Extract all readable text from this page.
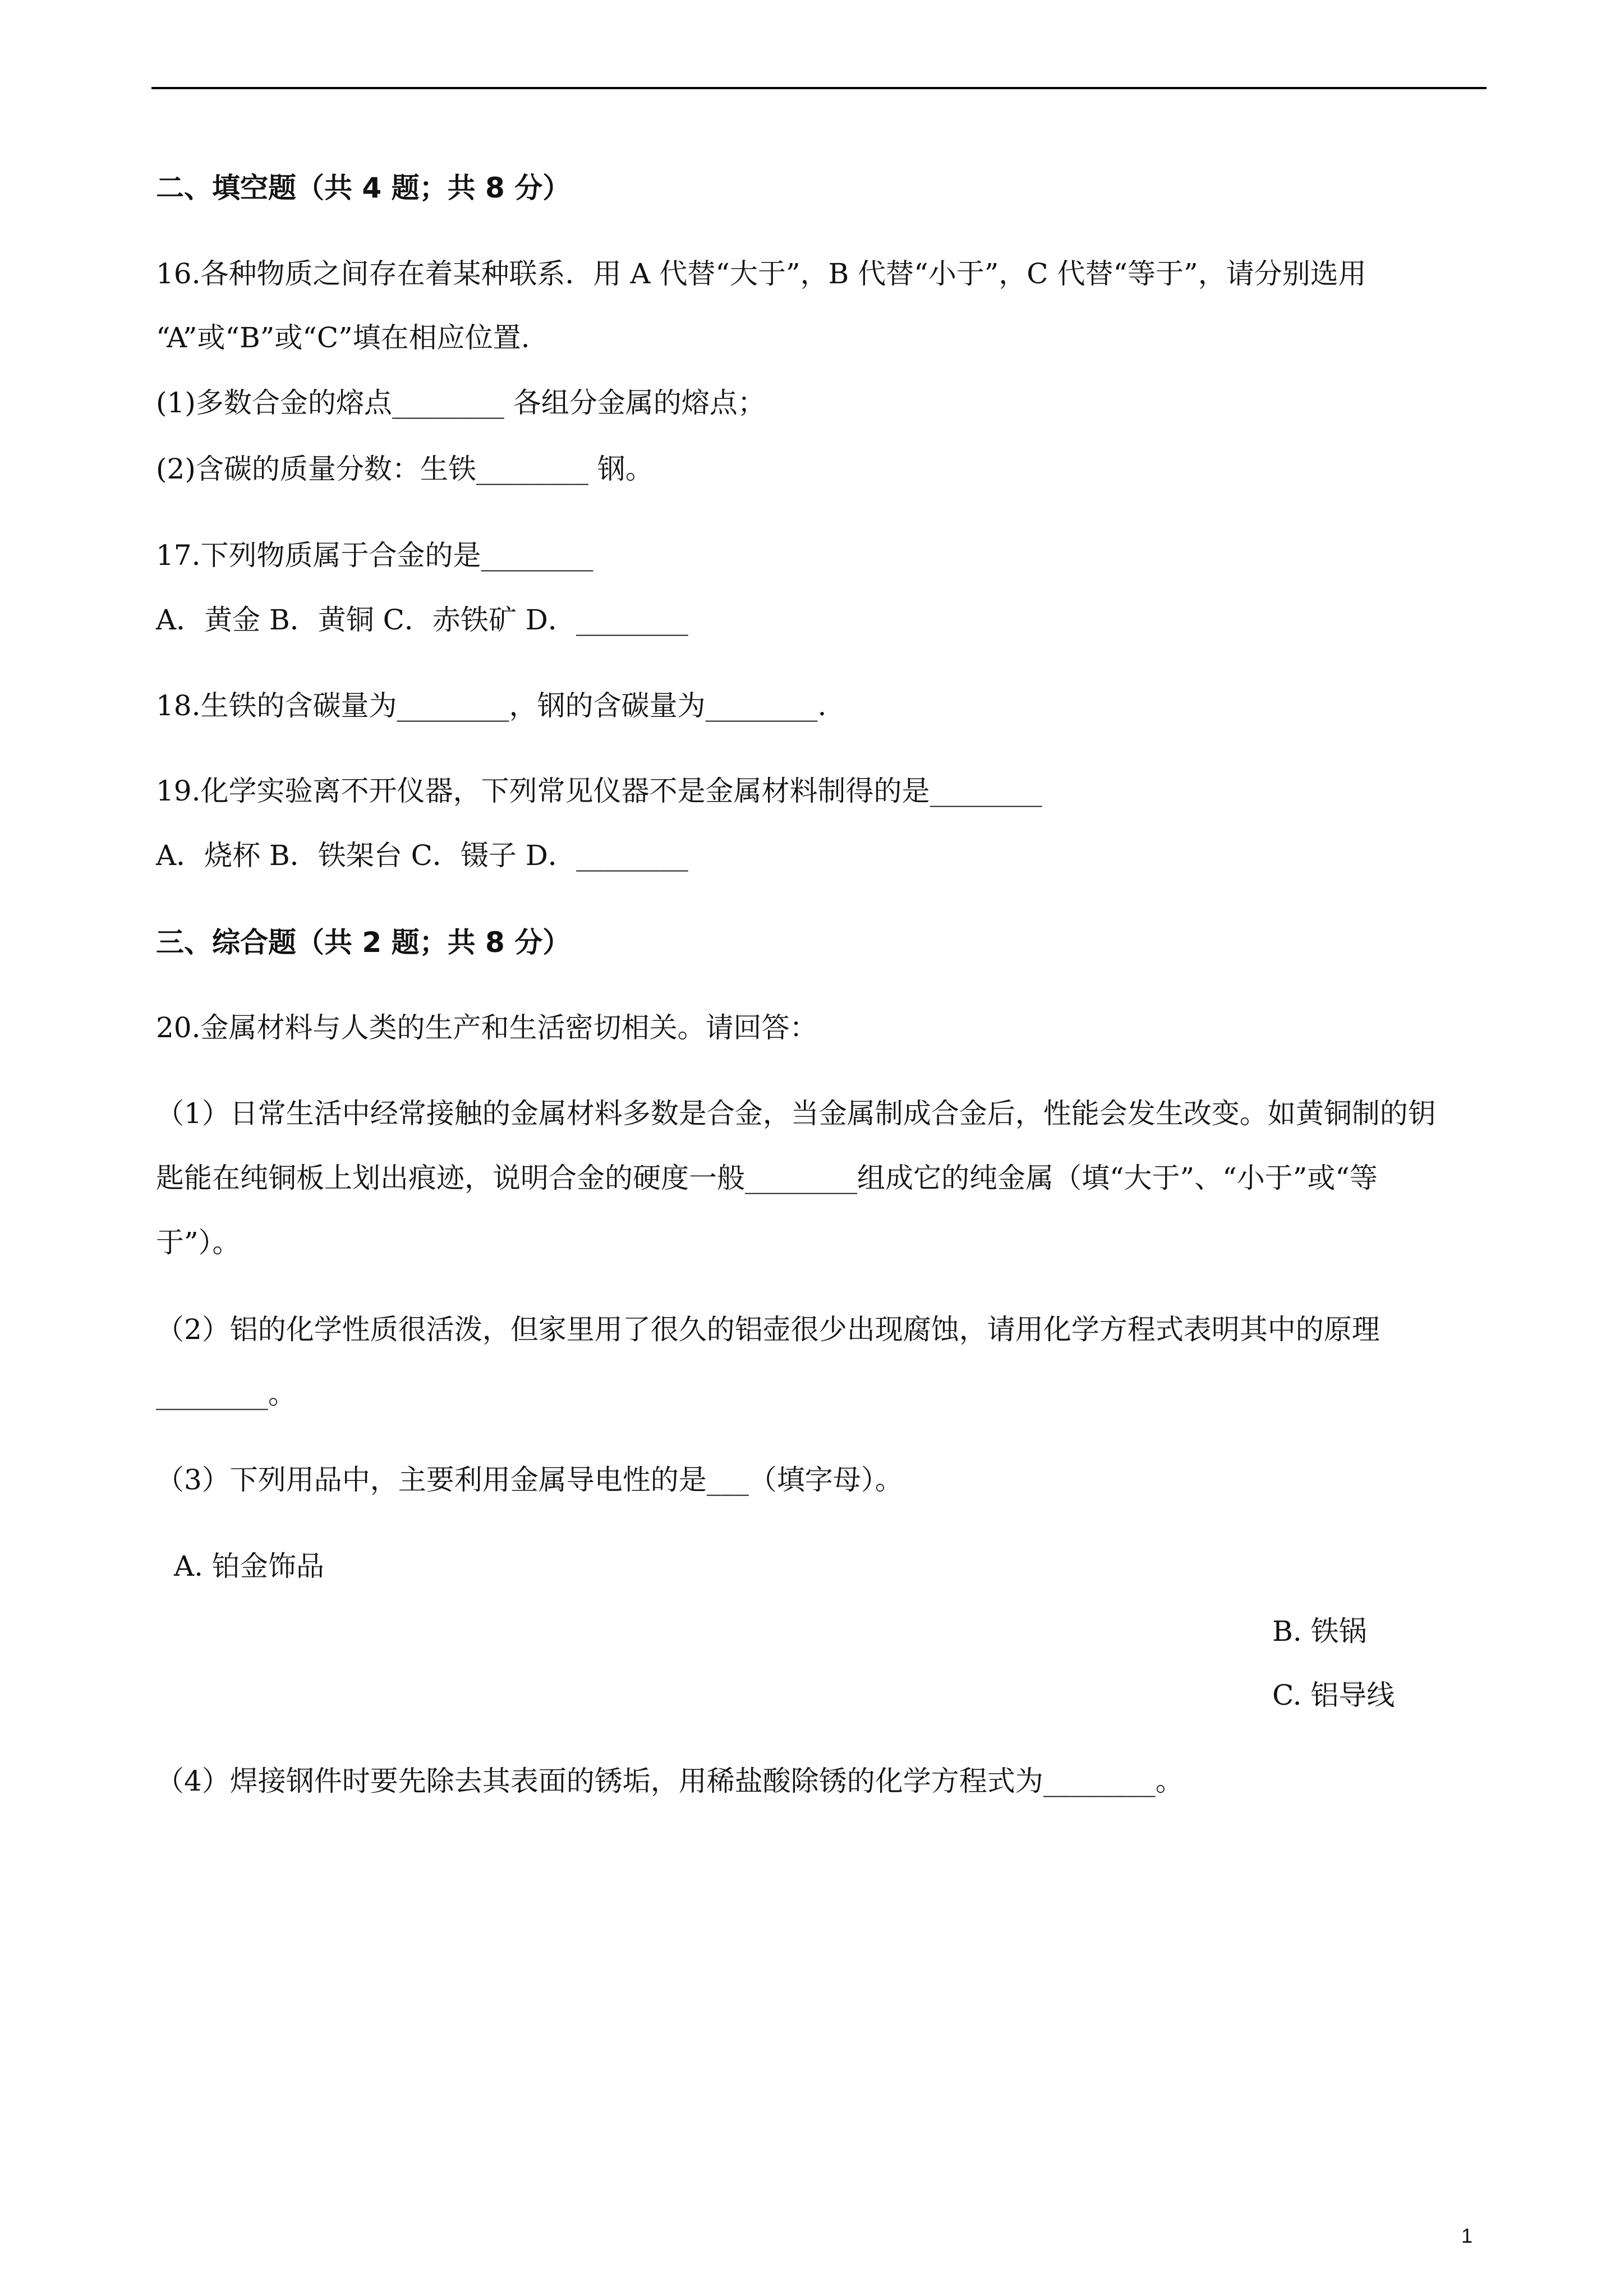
二、填空题（共 4 题；共 8 分）
16.各种物质之间存在着某种联系．用 A 代替“大于”，B 代替“小于”，C 代替“等于”，请分别选用
“A”或“B”或“C”填在相应位置.
(1)多数合金的熔点________ 各组分金属的熔点；
(2)含碳的质量分数：生铁________ 钢。
17.下列物质属于合金的是________
A．黄金 B．黄铜 C．赤铁矿 D．________
18.生铁的含碳量为________，钢的含碳量为________.
19.化学实验离不开仪器，下列常见仪器不是金属材料制得的是________
A．烧杯 B．铁架台 C．镊子 D．________
三、综合题（共 2 题；共 8 分）
20.金属材料与人类的生产和生活密切相关。请回答：
（1）日常生活中经常接触的金属材料多数是合金，当金属制成合金后，性能会发生改变。如黄铜制的钥
匙能在纯铜板上划出痕迹，说明合金的硬度一般________组成它的纯金属（填“大于”、“小于”或“等
于”）。
（2）铝的化学性质很活泼，但家里用了很久的铝壶很少出现腐蚀，请用化学方程式表明其中的原理
________。
（3）下列用品中，主要利用金属导电性的是___（填字母）。
A. 铂金饰品
B. 铁锅
C. 铝导线
（4）焊接钢件时要先除去其表面的锈垢，用稀盐酸除锈的化学方程式为________。
1
